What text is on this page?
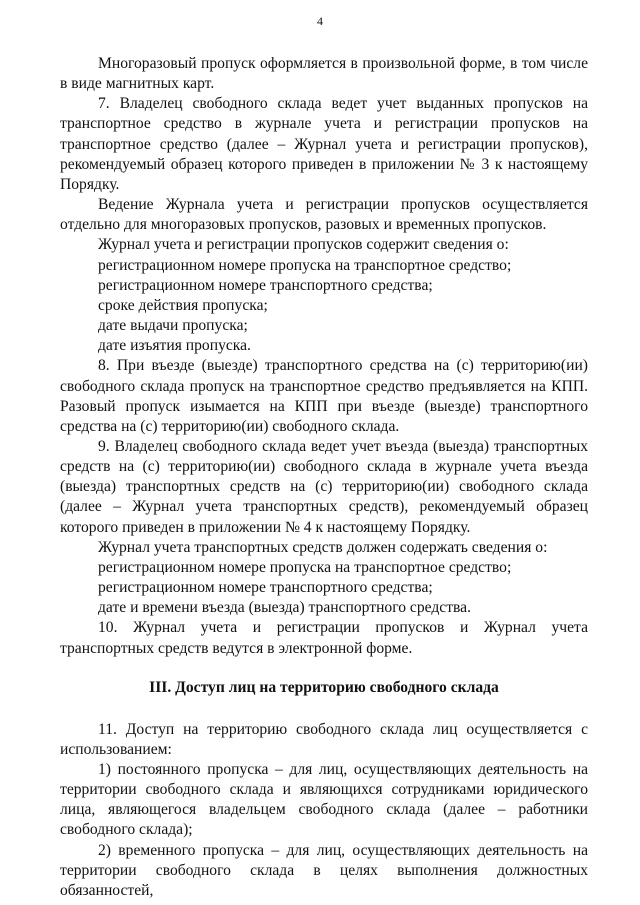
4

Многоразовый пропуск оформляется в произвольной форме, в том числе в виде магнитных карт.

7. Владелец свободного склада ведет учет выданных пропусков на транспортное средство в журнале учета и регистрации пропусков на транспортное средство (далее – Журнал учета и регистрации пропусков), рекомендуемый образец которого приведен в приложении № 3 к настоящему Порядку.

Ведение Журнала учета и регистрации пропусков осуществляется отдельно для многоразовых пропусков, разовых и временных пропусков.

Журнал учета и регистрации пропусков содержит сведения о:

регистрационном номере пропуска на транспортное средство;

регистрационном номере транспортного средства;

сроке действия пропуска;

дате выдачи пропуска;

дате изъятия пропуска.

8. При въезде (выезде) транспортного средства на (с) территорию(ии) свободного склада пропуск на транспортное средство предъявляется на КПП. Разовый пропуск изымается на КПП при въезде (выезде) транспортного средства на (с) территорию(ии) свободного склада.

9. Владелец свободного склада ведет учет въезда (выезда) транспортных средств на (с) территорию(ии) свободного склада в журнале учета въезда (выезда) транспортных средств на (с) территорию(ии) свободного склада (далее – Журнал учета транспортных средств), рекомендуемый образец которого приведен в приложении № 4 к настоящему Порядку.

Журнал учета транспортных средств должен содержать сведения о:

регистрационном номере пропуска на транспортное средство;

регистрационном номере транспортного средства;

дате и времени въезда (выезда) транспортного средства.

10. Журнал учета и регистрации пропусков и Журнал учета транспортных средств ведутся в электронной форме.

III. Доступ лиц на территорию свободного склада

11. Доступ на территорию свободного склада лиц осуществляется с использованием:

1) постоянного пропуска – для лиц, осуществляющих деятельность на территории свободного склада и являющихся сотрудниками юридического лица, являющегося владельцем свободного склада (далее – работники свободного склада);

2) временного пропуска – для лиц, осуществляющих деятельность на территории свободного склада в целях выполнения должностных обязанностей,
